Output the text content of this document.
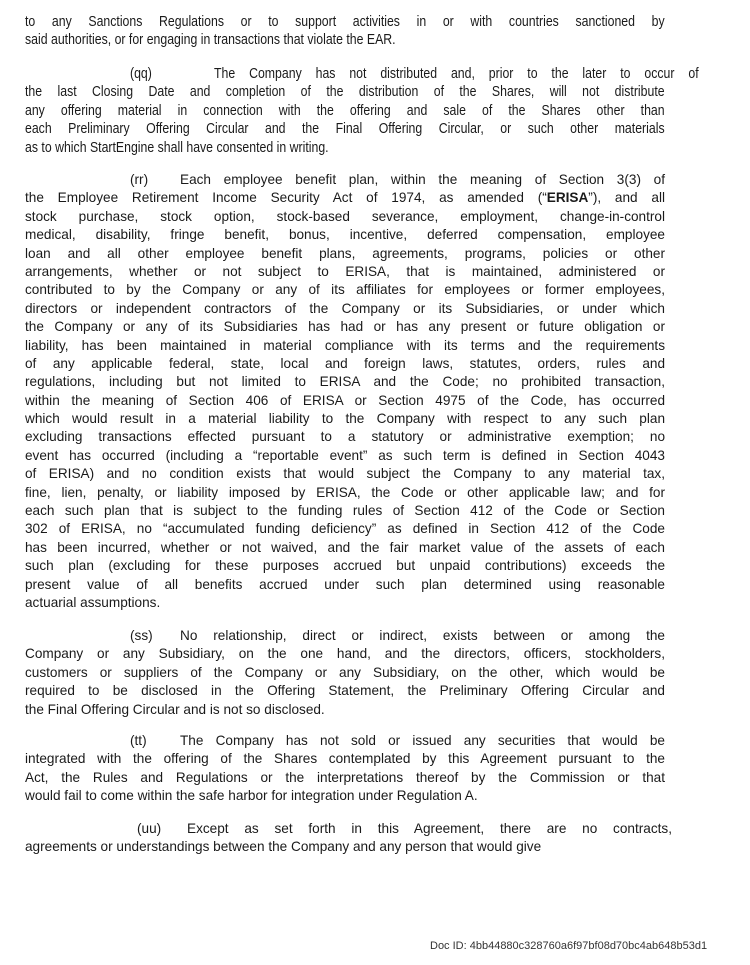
to any Sanctions Regulations or to support activities in or with countries sanctioned by
said authorities, or for engaging in transactions that violate the EAR.
(qq)	The Company has not distributed and, prior to the later to occur of
the last Closing Date and completion of the distribution of the Shares, will not distribute
any offering material in connection with the offering and sale of the Shares other than
each Preliminary Offering Circular and the Final Offering Circular, or such other materials
as to which StartEngine shall have consented in writing.
(rr) Each employee benefit plan, within the meaning of Section 3(3) of
the Employee Retirement Income Security Act of 1974, as amended (“ERISA”), and all
stock purchase, stock option, stock-based severance, employment, change-in-control
medical, disability, fringe benefit, bonus, incentive, deferred compensation, employee
loan and all other employee benefit plans, agreements, programs, policies or other
arrangements, whether or not subject to ERISA, that is maintained, administered or
contributed to by the Company or any of its affiliates for employees or former employees,
directors or independent contractors of the Company or its Subsidiaries, or under which
the Company or any of its Subsidiaries has had or has any present or future obligation or
liability, has been maintained in material compliance with its terms and the requirements
of any applicable federal, state, local and foreign laws, statutes, orders, rules and
regulations, including but not limited to ERISA and the Code; no prohibited transaction,
within the meaning of Section 406 of ERISA or Section 4975 of the Code, has occurred
which would result in a material liability to the Company with respect to any such plan
excluding transactions effected pursuant to a statutory or administrative exemption; no
event has occurred (including a “reportable event” as such term is defined in Section 4043
of ERISA) and no condition exists that would subject the Company to any material tax,
fine, lien, penalty, or liability imposed by ERISA, the Code or other applicable law; and for
each such plan that is subject to the funding rules of Section 412 of the Code or Section
302 of ERISA, no “accumulated funding deficiency” as defined in Section 412 of the Code
has been incurred, whether or not waived, and the fair market value of the assets of each
such plan (excluding for these purposes accrued but unpaid contributions) exceeds the
present value of all benefits accrued under such plan determined using reasonable
actuarial assumptions.
(ss) No relationship, direct or indirect, exists between or among the
Company or any Subsidiary, on the one hand, and the directors, officers, stockholders,
customers or suppliers of the Company or any Subsidiary, on the other, which would be
required to be disclosed in the Offering Statement, the Preliminary Offering Circular and
the Final Offering Circular and is not so disclosed.
(tt) The Company has not sold or issued any securities that would be
integrated with the offering of the Shares contemplated by this Agreement pursuant to the
Act, the Rules and Regulations or the interpretations thereof by the Commission or that
would fail to come within the safe harbor for integration under Regulation A.
(uu) Except as set forth in this Agreement, there are no contracts,
agreements or understandings between the Company and any person that would give
Doc ID: 4bb44880c328760a6f97bf08d70bc4ab648b53d1
